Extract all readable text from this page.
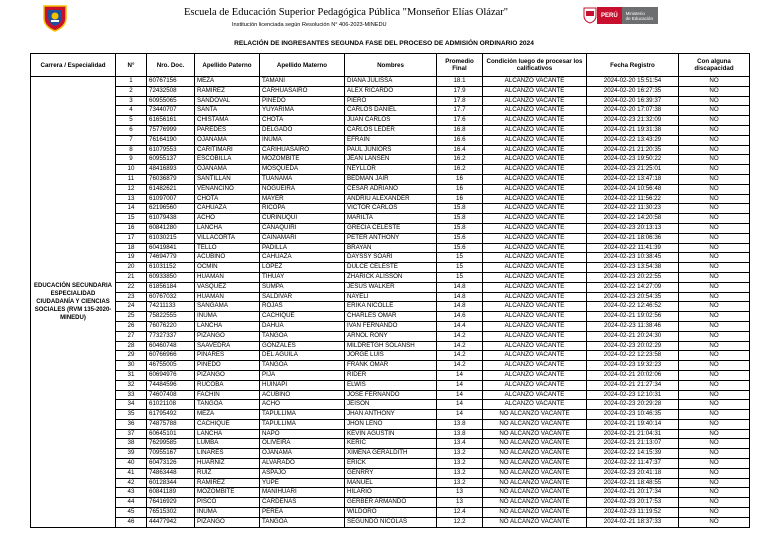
Escuela de Educación Superior Pedagógica Pública "Monseñor Elías Olázar"
Institución licenciada según Resolución N° 406-2023-MINEDU
PERÚ	Ministerio
de Educación
RELACIÓN DE INGRESANTES SEGUNDA FASE DEL PROCESO DE ADMISIÓN ORDINARIO 2024
Carrera / Especialidad	N°	Nro. Doc.	Apellido Paterno	Apellido Materno	Nombres	Promedio Final	Condición luego de procesar los calificativos	Fecha Registro	Con alguna discapacidad
EDUCACIÓN SECUNDARIA ESPECIALIDAD CIUDADANÍA Y CIENCIAS SOCIALES (RVM 135-2020-MINEDU)	1	60767156	MEZA	TAMANI	DIANA JULISSA	18.1	ALCANZÓ VACANTE	2024-02-20 15:51:54	NO
	2	72432508	RAMIREZ	CARHUASAIRO	ALEX RICARDO	17.9	ALCANZÓ VACANTE	2024-02-20 16:27:35	NO
	3	60955065	SANDOVAL	PINEDO	PIERO	17.8	ALCANZÓ VACANTE	2024-02-20 16:39:37	NO
	4	73440707	SANTA	YUYARIMA	CARLOS DANIEL	17.7	ALCANZÓ VACANTE	2024-02-20 17:07:38	NO
	5	61656161	CHISTAMA	CHOTA	JUAN CARLOS	17.6	ALCANZÓ VACANTE	2024-02-23 21:32:09	NO
	6	75776999	PAREDES	DELGADO	CARLOS LEDER	16.8	ALCANZÓ VACANTE	2024-02-21 19:31:38	NO
	7	76164190	OJANAMA	INUMA	EFRAIN	16.6	ALCANZÓ VACANTE	2024-02-22 13:43:29	NO
	8	61079553	CARITIMARI	CARIHUASAIRO	PAUL JUNIORS	16.4	ALCANZÓ VACANTE	2024-02-21 21:20:35	NO
	9	60955137	ESCOBILLA	MOZOMBITE	JEAN LANSEN	16.2	ALCANZÓ VACANTE	2024-02-23 19:50:22	NO
	10	48416893	OJANAMA	MOSQUEDA	NEYLLOR	16.2	ALCANZÓ VACANTE	2024-02-23 21:25:01	NO
	11	76036879	SANTILLAN	TUANAMA	BEDMAN JAIR	16	ALCANZÓ VACANTE	2024-02-22 13:47:18	NO
	12	61482621	VENANCINO	NOGUEIRA	CESAR ADRIANO	16	ALCANZÓ VACANTE	2024-02-24 10:56:48	NO
	13	61097007	CHOTA	MAYER	ANDRIU ALEXANDER	16	ALCANZÓ VACANTE	2024-02-22 11:56:22	NO
	14	62196560	CAHUAZA	RICOPA	VICTOR CARLOS	15.8	ALCANZÓ VACANTE	2024-02-22 11:30:23	NO
	15	61079438	ACHO	CURINUQUI	MARILTA	15.8	ALCANZÓ VACANTE	2024-02-22 14:20:58	NO
	16	60841280	LANCHA	CANAQUIRI	GRECIA CELESTE	15.8	ALCANZÓ VACANTE	2024-02-23 20:13:13	NO
	17	61030215	VILLACORTA	CAINAMARI	PETER ANTHONY	15.6	ALCANZÓ VACANTE	2024-02-21 18:06:36	NO
	18	60419841	TELLO	PADILLA	BRAYAN	15.6	ALCANZÓ VACANTE	2024-02-22 11:41:39	NO
	19	74694779	ACUBINO	CAHUAZA	DAYSSY SOARI	15	ALCANZÓ VACANTE	2024-02-23 10:38:45	NO
	20	61031152	OCMIN	LOPEZ	DULCE CELESTE	15	ALCANZÓ VACANTE	2024-02-23 13:54:38	NO
	21	60933850	HUAMAN	TIHUAY	ZHARICK ALISSON	15	ALCANZÓ VACANTE	2024-02-23 20:22:55	NO
	22	61856184	VASQUEZ	SUMPA	JESUS WALKER	14.8	ALCANZÓ VACANTE	2024-02-22 14:27:09	NO
	23	60767032	HUAMAN	SALDIVAR	NAYELI	14.8	ALCANZÓ VACANTE	2024-02-23 20:54:35	NO
	24	74211133	SANGAMA	ROJAS	ERIKA NICOLLE	14.8	ALCANZÓ VACANTE	2024-02-22 12:46:52	NO
	25	75822555	INUMA	CACHIQUE	CHARLES OMAR	14.6	ALCANZÓ VACANTE	2024-02-21 19:02:56	NO
	26	76076220	LANCHA	DAHUA	IVAN FERNANDO	14.4	ALCANZÓ VACANTE	2024-02-23 11:38:46	NO
	27	77327337	PIZANGO	TANGOA	ARNOL RONY	14.2	ALCANZÓ VACANTE	2024-02-21 20:24:30	NO
	28	60460748	SAAVEDRA	GONZALES	MILDRETGH SOLANSH	14.2	ALCANZÓ VACANTE	2024-02-23 20:02:29	NO
	29	60766966	PINARES	DEL AGUILA	JORGE LUIS	14.2	ALCANZÓ VACANTE	2024-02-22 12:23:58	NO
	30	46755005	PINEDO	TANGOA	FRANK OMAR	14.2	ALCANZÓ VACANTE	2024-02-23 19:32:23	NO
	31	60694976	PIZANGO	PIJA	RIDER	14	ALCANZÓ VACANTE	2024-02-21 20:02:06	NO
	32	74484596	RUCOBA	HUIÑAPI	ELWIS	14	ALCANZÓ VACANTE	2024-02-21 21:27:34	NO
	33	74607408	FACHIN	ACUBINO	JOSE FERNANDO	14	ALCANZÓ VACANTE	2024-02-23 12:10:31	NO
	34	61021108	TANGOA	ACHO	JEISON	14	ALCANZÓ VACANTE	2024-02-23 20:29:28	NO
	35	61795492	MEZA	TAPULLIMA	JHAN ANTHONY	14	NO ALCANZÓ VACANTE	2024-02-23 10:46:35	NO
	36	74875788	CACHIQUE	TAPULLIMA	JHON LENO	13.8	NO ALCANZÓ VACANTE	2024-02-21 19:40:14	NO
	37	60645101	LANCHA	NAPO	KEVIN AGUSTIN	13.8	NO ALCANZÓ VACANTE	2024-02-21 21:04:31	NO
	38	76299585	LUMBA	OLIVEIRA	KERIC	13.4	NO ALCANZÓ VACANTE	2024-02-21 21:13:07	NO
	39	70955167	LINARES	OJANAMA	XIMENA GERALDITH	13.2	NO ALCANZÓ VACANTE	2024-02-22 14:15:39	NO
	40	60473126	HUARNIZ	ALVARADO	ERICK	13.2	NO ALCANZÓ VACANTE	2024-02-22 11:47:37	NO
	41	74863448	RUIZ	ASPAJO	GENRRY	13.2	NO ALCANZÓ VACANTE	2024-02-23 20:41:18	NO
	42	60128344	RAMIREZ	YUPE	MANUEL	13.2	NO ALCANZÓ VACANTE	2024-02-21 18:48:55	NO
	43	60841189	MOZOMBITE	MANIHUARI	HILARIO	13	NO ALCANZÓ VACANTE	2024-02-21 20:17:34	NO
	44	76416929	PISCO	CARDENAS	GERBER ARMANDO	13	NO ALCANZÓ VACANTE	2024-02-23 20:17:53	NO
	45	76515302	INUMA	PEREA	WILDORO	12.4	NO ALCANZÓ VACANTE	2024-02-23 11:19:52	NO
	46	44477942	PIZANGO	TANGOA	SEGUNDO NICOLAS	12.2	NO ALCANZÓ VACANTE	2024-02-21 18:37:33	NO
